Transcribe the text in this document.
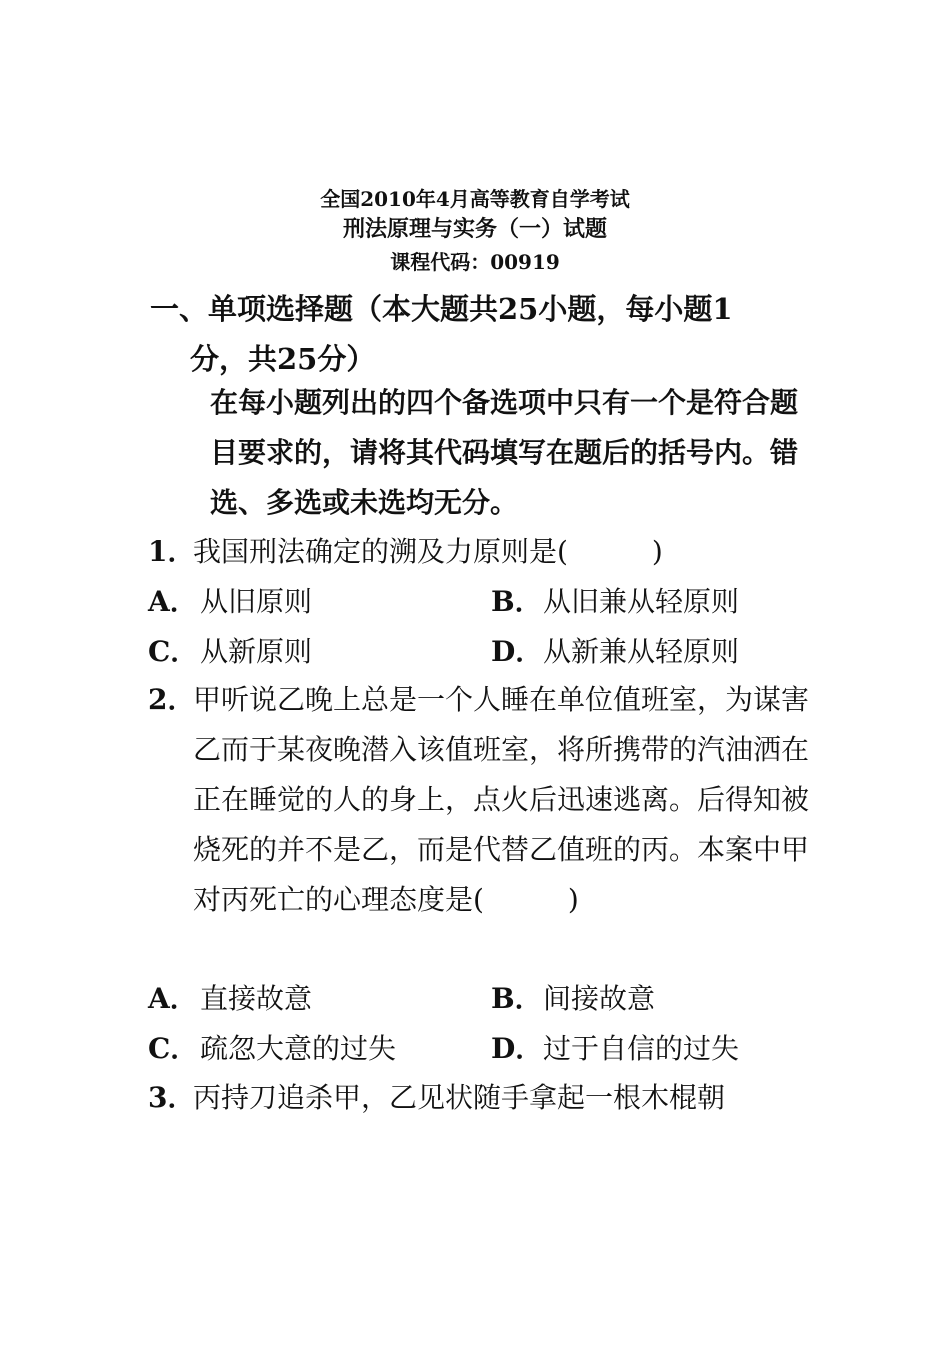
全国2010年4月高等教育自学考试
刑法原理与实务（一）试题
课程代码：00919
一、单项选择题（本大题共25小题，每小题1
分，共25分）
在每小题列出的四个备选项中只有一个是符合题目要求的，请将其代码填写在题后的括号内。错选、多选或未选均无分。
1．
我国刑法确定的溯及力原则是(　　　)
A．从旧原则	B．从旧兼从轻原则
C．从新原则	D．从新兼从轻原则
2．
甲听说乙晚上总是一个人睡在单位值班室，为谋害乙而于某夜晚潜入该值班室，将所携带的汽油洒在正在睡觉的人的身上，点火后迅速逃离。后得知被烧死的并不是乙，而是代替乙值班的丙。本案中甲对丙死亡的心理态度是(　　　)
A．直接故意	B．间接故意
C．疏忽大意的过失	D．过于自信的过失
3．
丙持刀追杀甲，乙见状随手拿起一根木棍朝
